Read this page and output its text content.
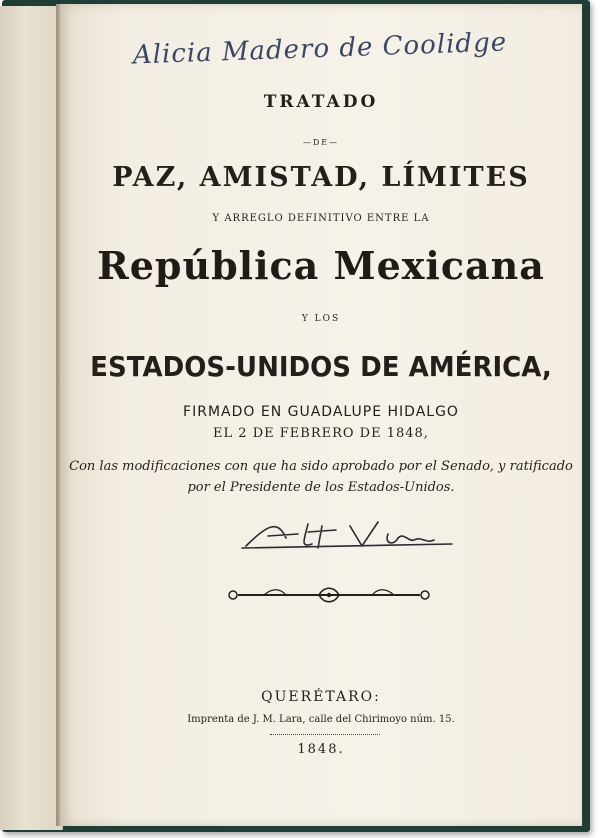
Alicia Madero de Coolidge
TRATADO
—DE—
PAZ, AMISTAD, LÍMITES
Y ARREGLO DEFINITIVO ENTRE LA
República Mexicana
Y LOS
ESTADOS-UNIDOS DE AMÉRICA,
FIRMADO EN GUADALUPE HIDALGO
EL 2 DE FEBRERO DE 1848,
Con las modificaciones con que ha sido aprobado por el Senado, y ratificado
por el Presidente de los Estados-Unidos.
QUERÉTARO:
Imprenta de J. M. Lara, calle del Chirimoyo núm. 15.
1848.
